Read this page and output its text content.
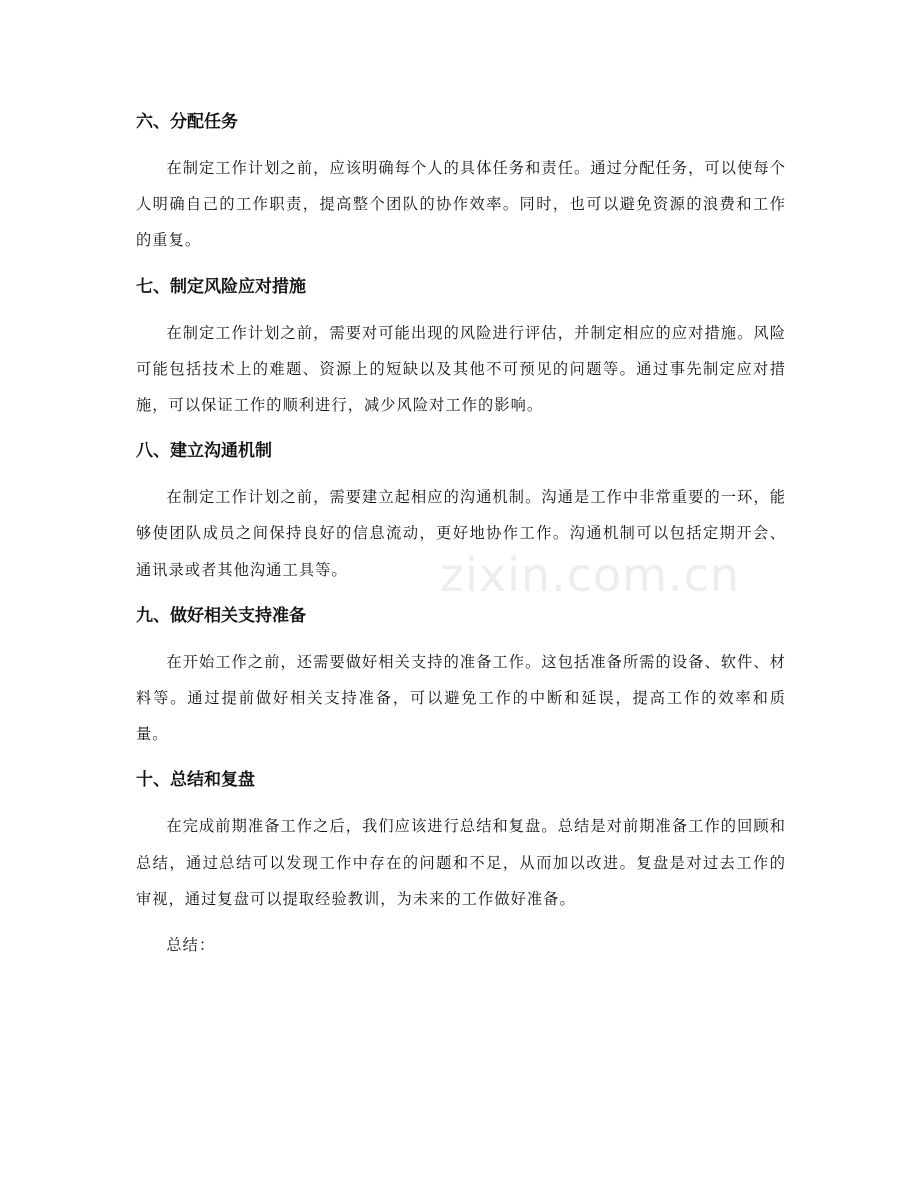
六、分配任务

在制定工作计划之前，应该明确每个人的具体任务和责任。通过分配任务，可以使每个人明确自己的工作职责，提高整个团队的协作效率。同时，也可以避免资源的浪费和工作的重复。

七、制定风险应对措施

在制定工作计划之前，需要对可能出现的风险进行评估，并制定相应的应对措施。风险可能包括技术上的难题、资源上的短缺以及其他不可预见的问题等。通过事先制定应对措施，可以保证工作的顺利进行，减少风险对工作的影响。

八、建立沟通机制

在制定工作计划之前，需要建立起相应的沟通机制。沟通是工作中非常重要的一环，能够使团队成员之间保持良好的信息流动，更好地协作工作。沟通机制可以包括定期开会、通讯录或者其他沟通工具等。

九、做好相关支持准备

在开始工作之前，还需要做好相关支持的准备工作。这包括准备所需的设备、软件、材料等。通过提前做好相关支持准备，可以避免工作的中断和延误，提高工作的效率和质量。

十、总结和复盘

在完成前期准备工作之后，我们应该进行总结和复盘。总结是对前期准备工作的回顾和总结，通过总结可以发现工作中存在的问题和不足，从而加以改进。复盘是对过去工作的审视，通过复盘可以提取经验教训，为未来的工作做好准备。

总结：

zixin.com.cn
